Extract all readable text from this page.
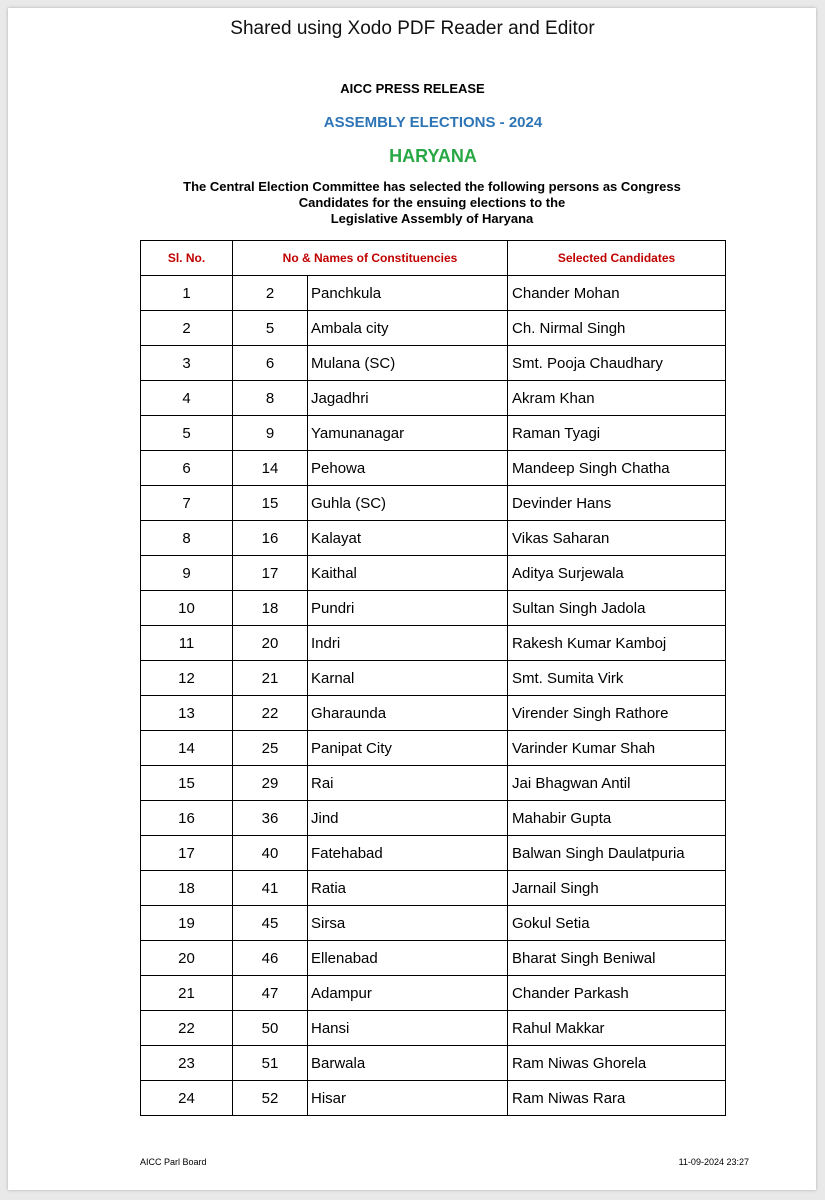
Shared using Xodo PDF Reader and Editor
AICC PRESS RELEASE
ASSEMBLY ELECTIONS - 2024
HARYANA
The Central Election Committee has selected the following persons as Congress
Candidates for the ensuing elections to the
Legislative Assembly of Haryana
Sl. No.	No & Names of Constituencies		Selected Candidates
1	2	Panchkula	Chander Mohan
2	5	Ambala city	Ch. Nirmal Singh
3	6	Mulana (SC)	Smt. Pooja Chaudhary
4	8	Jagadhri	Akram Khan
5	9	Yamunanagar	Raman Tyagi
6	14	Pehowa	Mandeep Singh Chatha
7	15	Guhla (SC)	Devinder Hans
8	16	Kalayat	Vikas Saharan
9	17	Kaithal	Aditya Surjewala
10	18	Pundri	Sultan Singh Jadola
11	20	Indri	Rakesh Kumar Kamboj
12	21	Karnal	Smt. Sumita Virk
13	22	Gharaunda	Virender Singh Rathore
14	25	Panipat City	Varinder Kumar Shah
15	29	Rai	Jai Bhagwan Antil
16	36	Jind	Mahabir Gupta
17	40	Fatehabad	Balwan Singh Daulatpuria
18	41	Ratia	Jarnail Singh
19	45	Sirsa	Gokul Setia
20	46	Ellenabad	Bharat Singh Beniwal
21	47	Adampur	Chander Parkash
22	50	Hansi	Rahul Makkar
23	51	Barwala	Ram Niwas Ghorela
24	52	Hisar	Ram Niwas Rara
AICC Parl Board	11-09-2024 23:27
